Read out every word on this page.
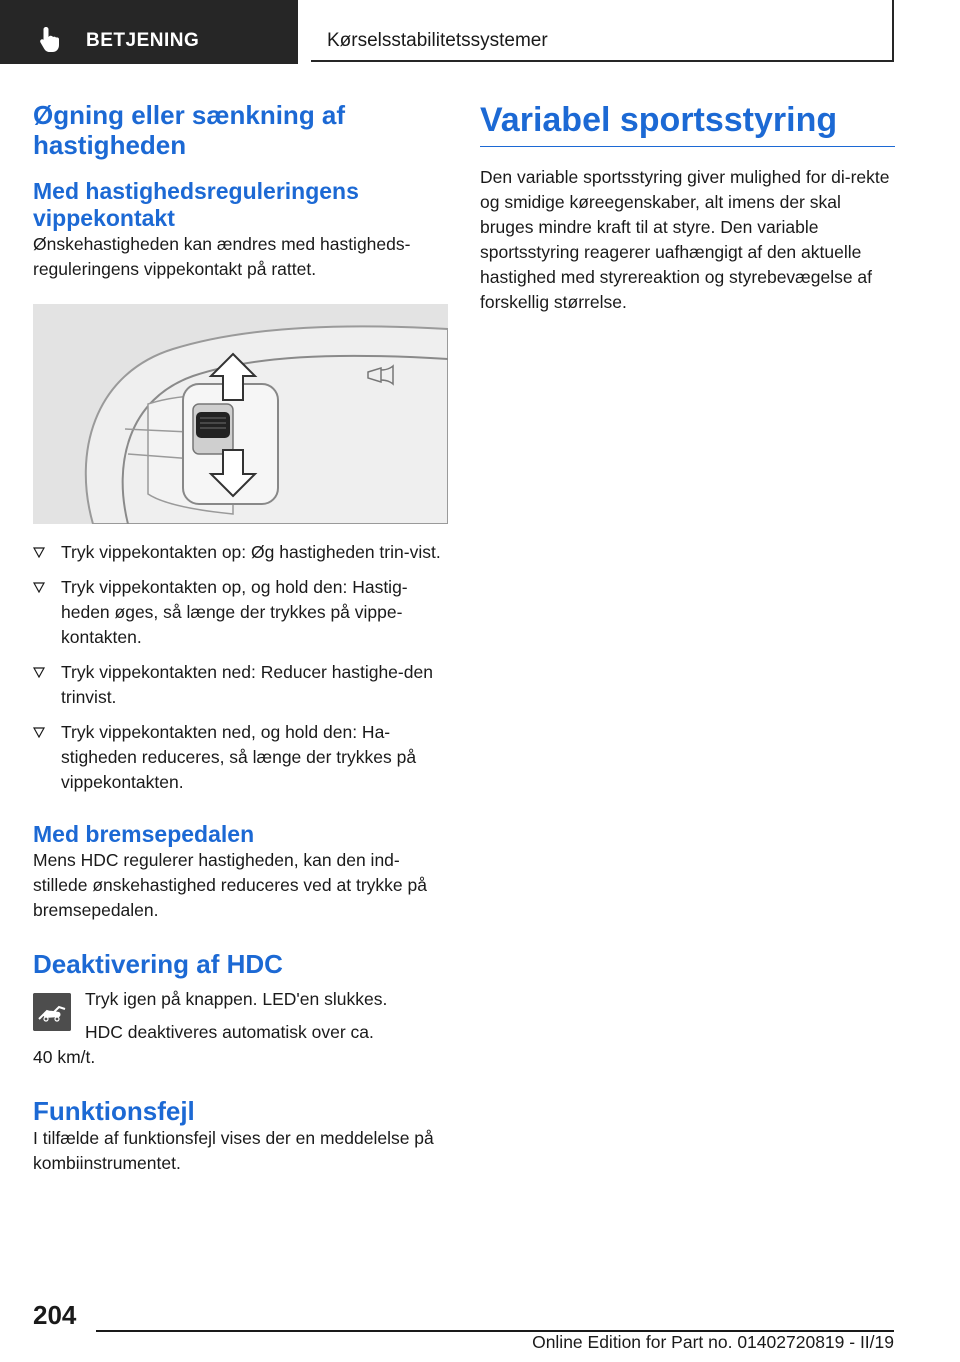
BETJENING	Kørselsstabilitetssystemer
Øgning eller sænkning af hastigheden
Med hastighedsreguleringens vippekontakt

Ønskehastigheden kan ændres med hastigheds-reguleringens vippekontakt på rattet.

Tryk vippekontakten op: Øg hastigheden trin-vist.
Tryk vippekontakten op, og hold den: Hastig-heden øges, så længe der trykkes på vippe-kontakten.
Tryk vippekontakten ned: Reducer hastighe-den trinvist.
Tryk vippekontakten ned, og hold den: Ha-stigheden reduceres, så længe der trykkes på vippekontakten.
Med bremsepedalen

Mens HDC regulerer hastigheden, kan den ind-stillede ønskehastighed reduceres ved at trykke på bremsepedalen.

Deaktivering af HDC

Tryk igen på knappen. LED'en slukkes.

HDC deaktiveres automatisk over ca.

40 km/t.

Funktionsfejl

I tilfælde af funktionsfejl vises der en meddelelse på kombiinstrumentet.

Variabel sportsstyring

Den variable sportsstyring giver mulighed for di-rekte og smidige køreegenskaber, alt imens der skal bruges mindre kraft til at styre. Den variable sportsstyring reagerer uafhængigt af den aktuelle hastighed med styrereaktion og styrebevægelse af forskellig størrelse.

204
Online Edition for Part no. 01402720819 - II/19
